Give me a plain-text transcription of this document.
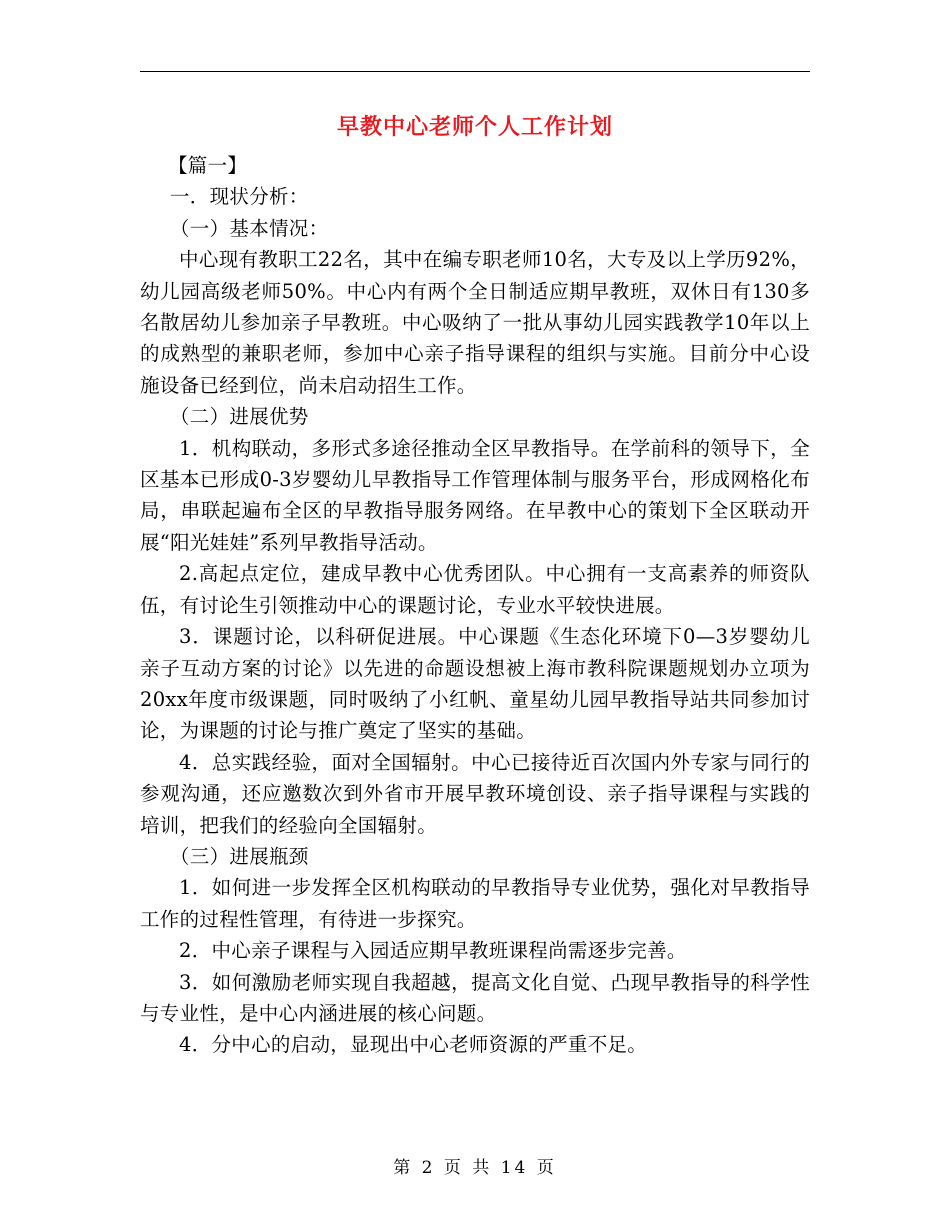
早教中心老师个人工作计划

【篇一】

一．现状分析：

（一）基本情况：

中心现有教职工22名，其中在编专职老师10名，大专及以上学历92%，幼儿园高级老师50%。中心内有两个全日制适应期早教班，双休日有130多名散居幼儿参加亲子早教班。中心吸纳了一批从事幼儿园实践教学10年以上的成熟型的兼职老师，参加中心亲子指导课程的组织与实施。目前分中心设施设备已经到位，尚未启动招生工作。

（二）进展优势

1．机构联动，多形式多途径推动全区早教指导。在学前科的领导下，全区基本已形成0-3岁婴幼儿早教指导工作管理体制与服务平台，形成网格化布局，串联起遍布全区的早教指导服务网络。在早教中心的策划下全区联动开展“阳光娃娃”系列早教指导活动。

2.高起点定位，建成早教中心优秀团队。中心拥有一支高素养的师资队伍，有讨论生引领推动中心的课题讨论，专业水平较快进展。

3．课题讨论，以科研促进展。中心课题《生态化环境下0—3岁婴幼儿亲子互动方案的讨论》以先进的命题设想被上海市教科院课题规划办立项为20xx年度市级课题，同时吸纳了小红帆、童星幼儿园早教指导站共同参加讨论，为课题的讨论与推广奠定了坚实的基础。

4．总实践经验，面对全国辐射。中心已接待近百次国内外专家与同行的参观沟通，还应邀数次到外省市开展早教环境创设、亲子指导课程与实践的培训，把我们的经验向全国辐射。

（三）进展瓶颈

1．如何进一步发挥全区机构联动的早教指导专业优势，强化对早教指导工作的过程性管理，有待进一步探究。

2．中心亲子课程与入园适应期早教班课程尚需逐步完善。

3．如何激励老师实现自我超越，提高文化自觉、凸现早教指导的科学性与专业性，是中心内涵进展的核心问题。

4．分中心的启动，显现出中心老师资源的严重不足。

第 2 页 共 14 页
